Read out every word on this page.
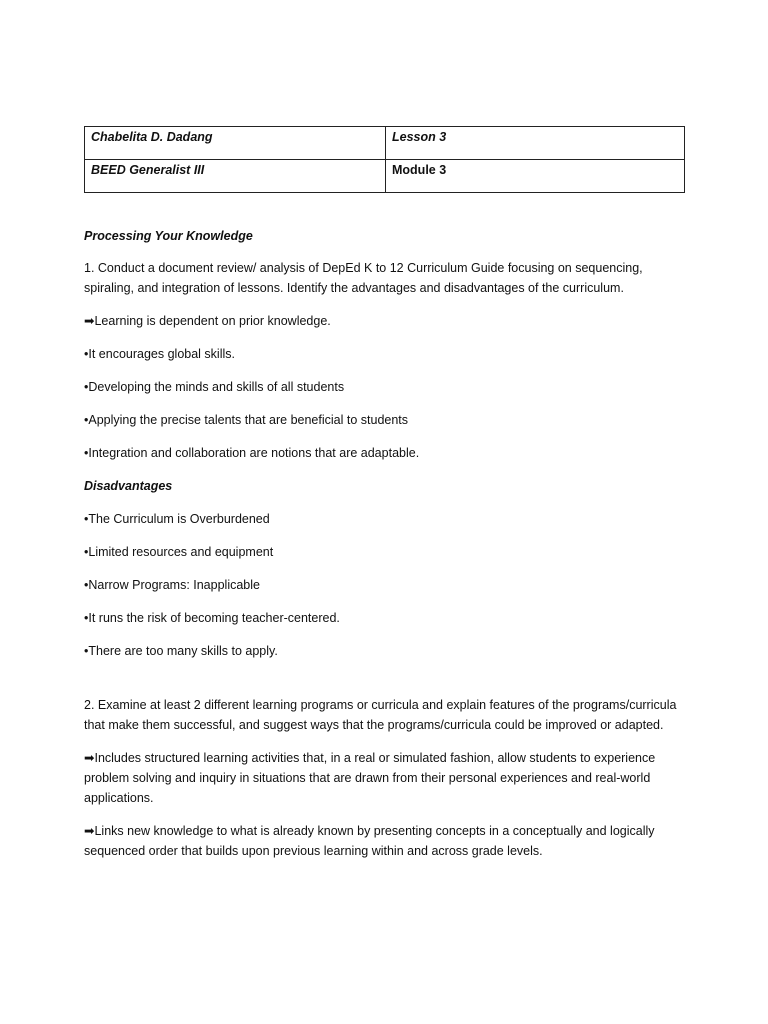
Chabelita D. Dadang	Lesson 3
BEED Generalist III	Module 3
Processing Your Knowledge

1. Conduct a document review/ analysis of DepEd K to 12 Curriculum Guide focusing on sequencing, spiraling, and integration of lessons. Identify the advantages and disadvantages of the curriculum.

➡Learning is dependent on prior knowledge.

•It encourages global skills.

•Developing the minds and skills of all students

•Applying the precise talents that are beneficial to students

•Integration and collaboration are notions that are adaptable.

Disadvantages

•The Curriculum is Overburdened

•Limited resources and equipment

•Narrow Programs: Inapplicable

•It runs the risk of becoming teacher-centered.

•There are too many skills to apply.

2. Examine at least 2 different learning programs or curricula and explain features of the programs/curricula that make them successful, and suggest ways that the programs/curricula could be improved or adapted.

➡Includes structured learning activities that, in a real or simulated fashion, allow students to experience problem solving and inquiry in situations that are drawn from their personal experiences and real-world applications.

➡Links new knowledge to what is already known by presenting concepts in a conceptually and logically sequenced order that builds upon previous learning within and across grade levels.
